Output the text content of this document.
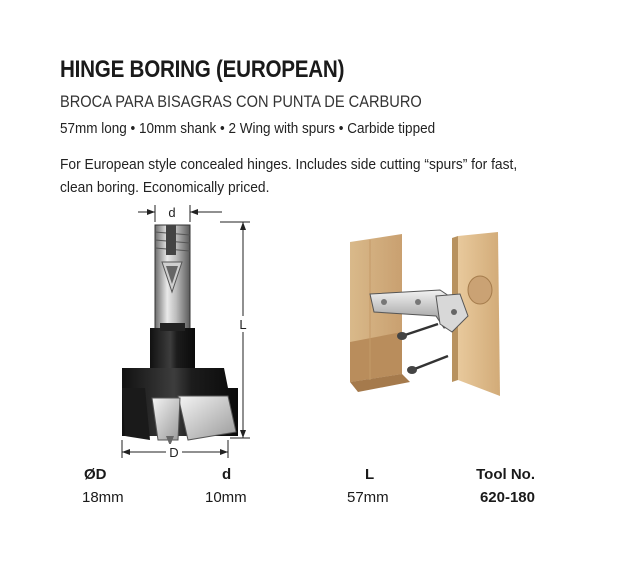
HINGE BORING (EUROPEAN)
BROCA PARA BISAGRAS CON PUNTA DE CARBURO
57mm long • 10mm shank • 2 Wing with spurs • Carbide tipped
For European style concealed hinges. Includes side cutting “spurs” for fast, clean boring. Economically priced.
d
L
D
ØD	d	L	Tool No.
18mm	10mm	57mm	620-180
